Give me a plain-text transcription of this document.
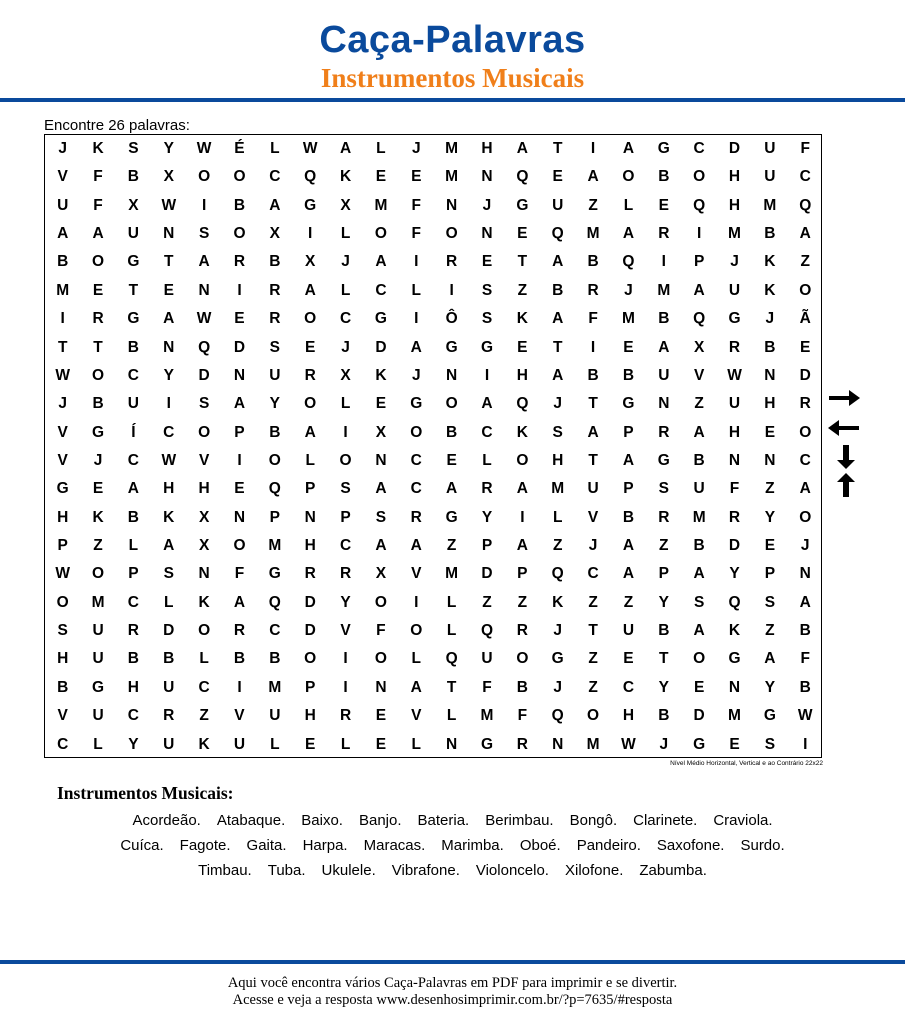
Caça-Palavras
Instrumentos Musicais
Encontre 26 palavras:
J	K	S	Y	W	É	L	W	A	L	J	M	H	A	T	I	A	G	C	D	U	F
V	F	B	X	O	O	C	Q	K	E	E	M	N	Q	E	A	O	B	O	H	U	C
U	F	X	W	I	B	A	G	X	M	F	N	J	G	U	Z	L	E	Q	H	M	Q
A	A	U	N	S	O	X	I	L	O	F	O	N	E	Q	M	A	R	I	M	B	A
B	O	G	T	A	R	B	X	J	A	I	R	E	T	A	B	Q	I	P	J	K	Z
M	E	T	E	N	I	R	A	L	C	L	I	S	Z	B	R	J	M	A	U	K	O
I	R	G	A	W	E	R	O	C	G	I	Ô	S	K	A	F	M	B	Q	G	J	Ã
T	T	B	N	Q	D	S	E	J	D	A	G	G	E	T	I	E	A	X	R	B	E
W	O	C	Y	D	N	U	R	X	K	J	N	I	H	A	B	B	U	V	W	N	D
J	B	U	I	S	A	Y	O	L	E	G	O	A	Q	J	T	G	N	Z	U	H	R
V	G	Í	C	O	P	B	A	I	X	O	B	C	K	S	A	P	R	A	H	E	O
V	J	C	W	V	I	O	L	O	N	C	E	L	O	H	T	A	G	B	N	N	C
G	E	A	H	H	E	Q	P	S	A	C	A	R	A	M	U	P	S	U	F	Z	A
H	K	B	K	X	N	P	N	P	S	R	G	Y	I	L	V	B	R	M	R	Y	O
P	Z	L	A	X	O	M	H	C	A	A	Z	P	A	Z	J	A	Z	B	D	E	J
W	O	P	S	N	F	G	R	R	X	V	M	D	P	Q	C	A	P	A	Y	P	N
O	M	C	L	K	A	Q	D	Y	O	I	L	Z	Z	K	Z	Z	Y	S	Q	S	A
S	U	R	D	O	R	C	D	V	F	O	L	Q	R	J	T	U	B	A	K	Z	B
H	U	B	B	L	B	B	O	I	O	L	Q	U	O	G	Z	E	T	O	G	A	F
B	G	H	U	C	I	M	P	I	N	A	T	F	B	J	Z	C	Y	E	N	Y	B
V	U	C	R	Z	V	U	H	R	E	V	L	M	F	Q	O	H	B	D	M	G	W
C	L	Y	U	K	U	L	E	L	E	L	N	G	R	N	M	W	J	G	E	S	I
Nível Médio Horizontal, Vertical e ao Contrário 22x22
Instrumentos Musicais:
Acordeão. Atabaque. Baixo. Banjo. Bateria. Berimbau. Bongô. Clarinete. Craviola.
Cuíca. Fagote. Gaita. Harpa. Maracas. Marimba. Oboé. Pandeiro. Saxofone. Surdo.
Timbau. Tuba. Ukulele. Vibrafone. Violoncelo. Xilofone. Zabumba.
Aqui você encontra vários Caça-Palavras em PDF para imprimir e se divertir.
Acesse e veja a resposta www.desenhosimprimir.com.br/?p=7635/#resposta
